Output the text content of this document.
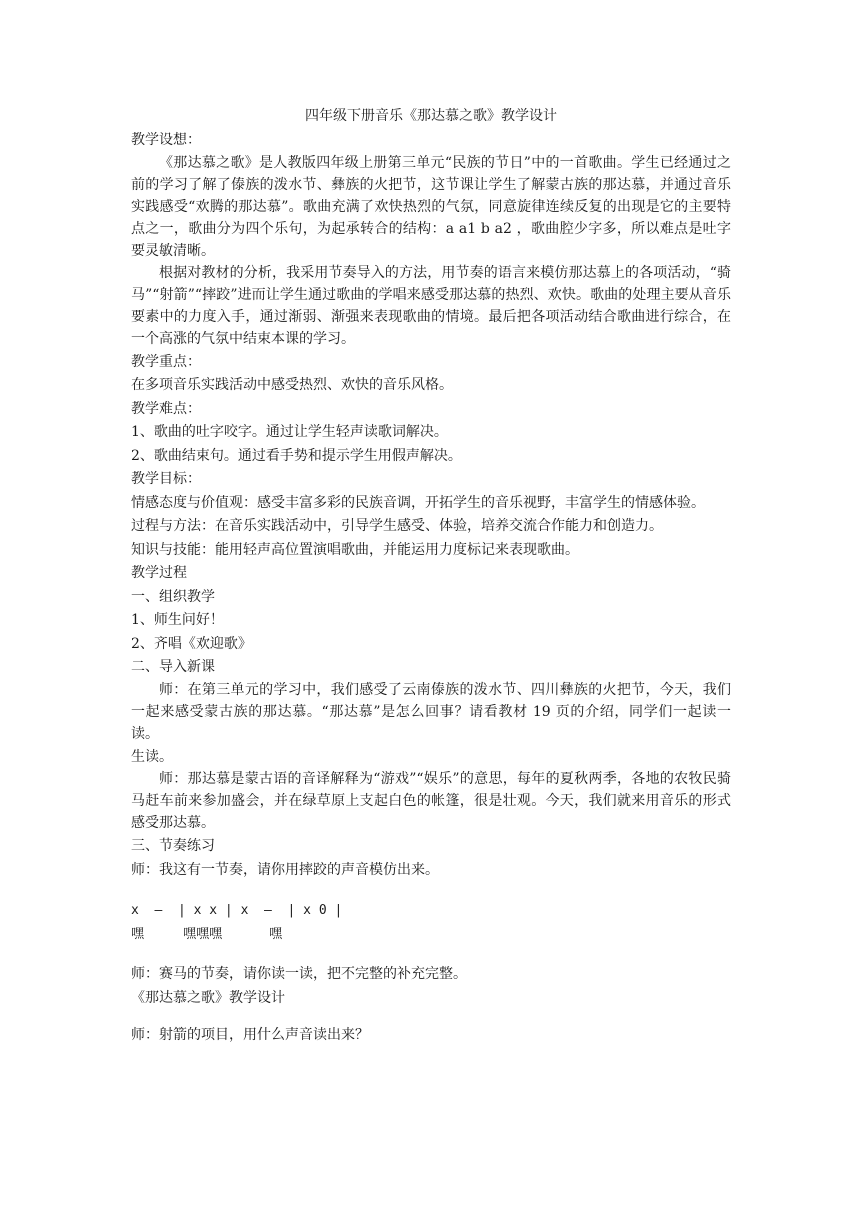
四年级下册音乐《那达慕之歌》教学设计
教学设想：
《那达慕之歌》是人教版四年级上册第三单元“民族的节日”中的一首歌曲。学生已经通过之前的学习了解了傣族的泼水节、彝族的火把节，这节课让学生了解蒙古族的那达慕，并通过音乐实践感受“欢腾的那达慕”。歌曲充满了欢快热烈的气氛，同意旋律连续反复的出现是它的主要特点之一，歌曲分为四个乐句，为起承转合的结构：a a1 b a2 ，歌曲腔少字多，所以难点是吐字要灵敏清晰。
根据对教材的分析，我采用节奏导入的方法，用节奏的语言来模仿那达慕上的各项活动，“骑马”“射箭”“摔跤”进而让学生通过歌曲的学唱来感受那达慕的热烈、欢快。歌曲的处理主要从音乐要素中的力度入手，通过渐弱、渐强来表现歌曲的情境。最后把各项活动结合歌曲进行综合，在一个高涨的气氛中结束本课的学习。
教学重点：
在多项音乐实践活动中感受热烈、欢快的音乐风格。
教学难点：
1、歌曲的吐字咬字。通过让学生轻声读歌词解决。
2、歌曲结束句。通过看手势和提示学生用假声解决。
教学目标：
情感态度与价值观：感受丰富多彩的民族音调，开拓学生的音乐视野，丰富学生的情感体验。
过程与方法：在音乐实践活动中，引导学生感受、体验，培养交流合作能力和创造力。
知识与技能：能用轻声高位置演唱歌曲，并能运用力度标记来表现歌曲。
教学过程
一、组织教学
1、师生问好！
2、齐唱《欢迎歌》
二、导入新课
师：在第三单元的学习中，我们感受了云南傣族的泼水节、四川彝族的火把节，今天，我们一起来感受蒙古族的那达慕。“那达慕”是怎么回事？请看教材 19 页的介绍，同学们一起读一读。
生读。
师：那达慕是蒙古语的音译解释为“游戏”“娱乐”的意思，每年的夏秋两季，各地的农牧民骑马赶车前来参加盛会，并在绿草原上支起白色的帐篷，很是壮观。今天，我们就来用音乐的形式感受那达慕。
三、节奏练习
师：我这有一节奏，请你用摔跤的声音模仿出来。
x  —  | x x | x  —  | x 0 |
嘿     嘿嘿嘿      嘿
师：赛马的节奏，请你读一读，把不完整的补充完整。
《那达慕之歌》教学设计
师：射箭的项目，用什么声音读出来？
